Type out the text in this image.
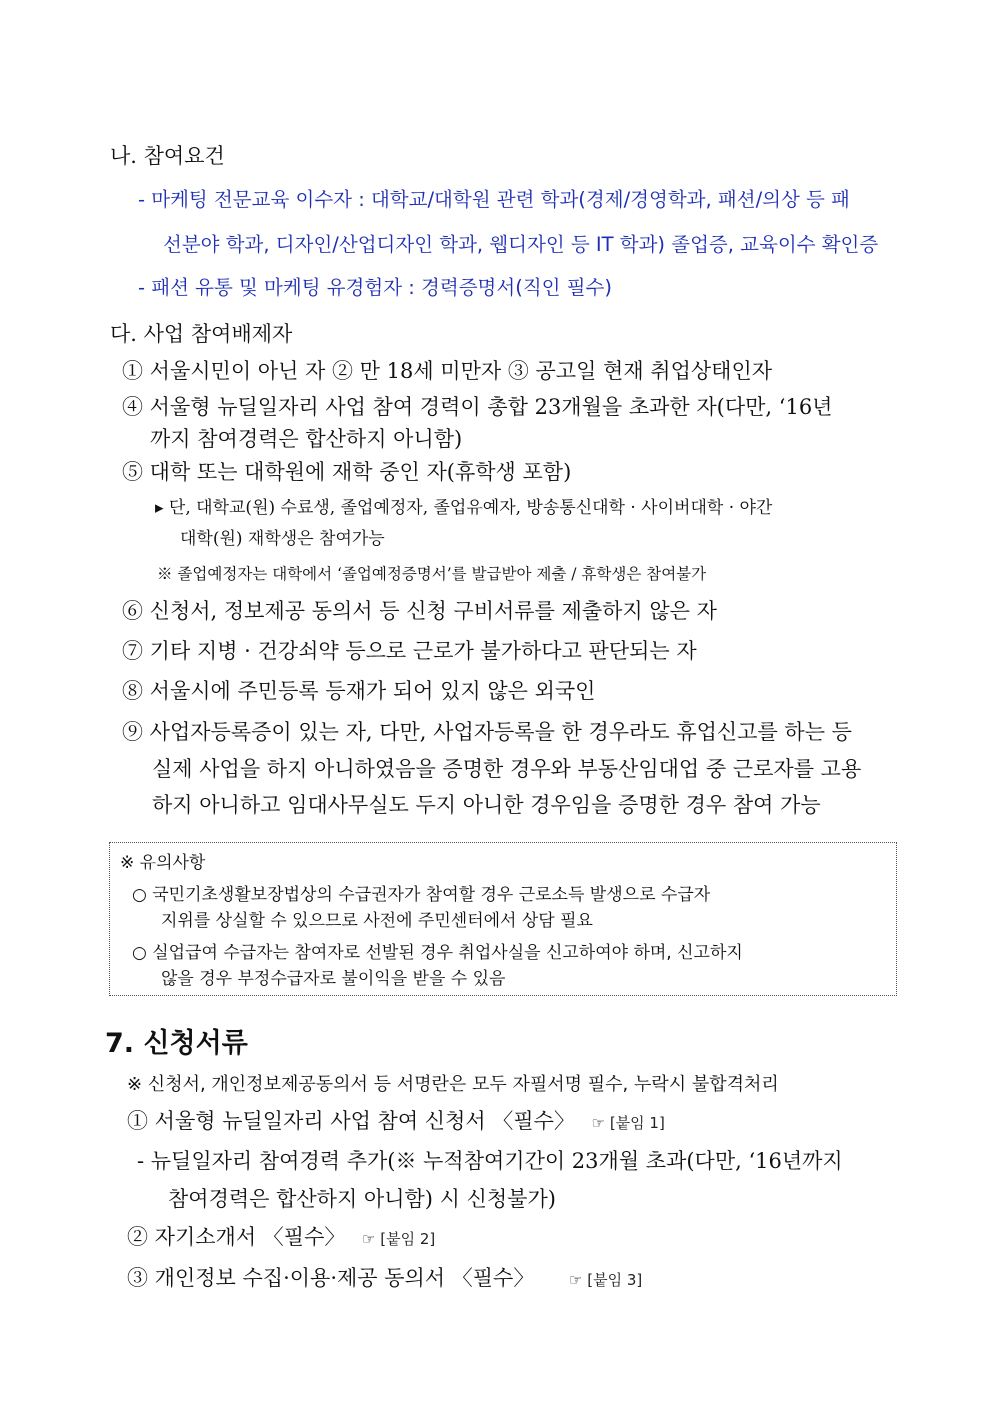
나. 참여요건
- 마케팅 전문교육 이수자 : 대학교/대학원 관련 학과(경제/경영학과, 패션/의상 등 패
선분야 학과, 디자인/산업디자인 학과, 웹디자인 등 IT 학과) 졸업증, 교육이수 확인증
- 패션 유통 및 마케팅 유경험자 : 경력증명서(직인 필수)
다. 사업 참여배제자
① 서울시민이 아닌 자 ② 만 18세 미만자 ③ 공고일 현재 취업상태인자
④ 서울형 뉴딜일자리 사업 참여 경력이 총합 23개월을 초과한 자(다만, ‘16년
까지 참여경력은 합산하지 아니함)
⑤ 대학 또는 대학원에 재학 중인 자(휴학생 포함)
▸ 단, 대학교(원) 수료생, 졸업예정자, 졸업유예자, 방송통신대학 · 사이버대학 · 야간
대학(원) 재학생은 참여가능
※ 졸업예정자는 대학에서 ‘졸업예정증명서’를 발급받아 제출 / 휴학생은 참여불가
⑥ 신청서, 정보제공 동의서 등 신청 구비서류를 제출하지 않은 자
⑦ 기타 지병 · 건강쇠약 등으로 근로가 불가하다고 판단되는 자
⑧ 서울시에 주민등록 등재가 되어 있지 않은 외국인
⑨ 사업자등록증이 있는 자, 다만, 사업자등록을 한 경우라도 휴업신고를 하는 등
실제 사업을 하지 아니하였음을 증명한 경우와 부동산임대업 중 근로자를 고용
하지 아니하고 임대사무실도 두지 아니한 경우임을 증명한 경우 참여 가능
※ 유의사항
○ 국민기초생활보장법상의 수급권자가 참여할 경우 근로소득 발생으로 수급자
지위를 상실할 수 있으므로 사전에 주민센터에서 상담 필요
○ 실업급여 수급자는 참여자로 선발된 경우 취업사실을 신고하여야 하며, 신고하지
않을 경우 부정수급자로 불이익을 받을 수 있음
7. 신청서류
※ 신청서, 개인정보제공동의서 등 서명란은 모두 자필서명 필수, 누락시 불합격처리
① 서울형 뉴딜일자리 사업 참여 신청서 〈필수〉 ☞ [붙임 1]
- 뉴딜일자리 참여경력 추가(※ 누적참여기간이 23개월 초과(다만, ‘16년까지
참여경력은 합산하지 아니함) 시 신청불가)
② 자기소개서 〈필수〉 ☞ [붙임 2]
③ 개인정보 수집·이용·제공 동의서 〈필수〉 ☞ [붙임 3]
